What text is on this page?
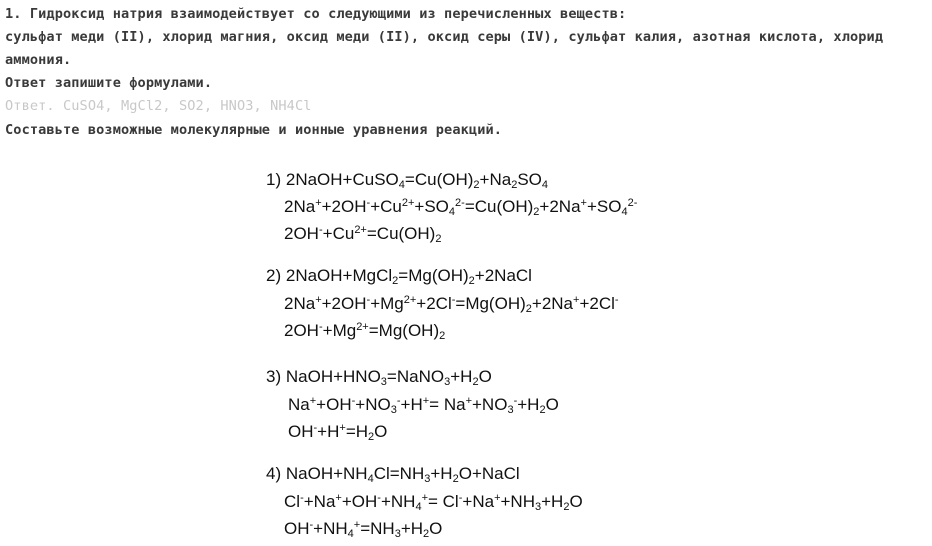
1. Гидроксид натрия взаимодействует со следующими из перечисленных веществ:
сульфат меди (II), хлорид магния, оксид меди (II), оксид серы (IV), сульфат калия, азотная кислота, хлорид
аммония.
Ответ запишите формулами.
Ответ. CuSO4, MgCl2, SO2, HNO3, NH4Cl
Составьте возможные молекулярные и ионные уравнения реакций.
1) $2NaOH+CuSO_4=Cu(OH)_2+Na_2SO_4$
$2Na^++2OH^-+Cu^{2+}+SO_4^{2-}=Cu(OH)_2+2Na^++SO_4^{2-}$
$2OH^-+Cu^{2+}=Cu(OH)_2$
2) $2NaOH+MgCl_2=Mg(OH)_2+2NaCl$
$2Na^++2OH^-+Mg^{2+}+2Cl^-=Mg(OH)_2+2Na^++2Cl^-$
$2OH^-+Mg^{2+}=Mg(OH)_2$
3) $NaOH+HNO_3=NaNO_3+H_2O$
$Na^++OH^-+NO_3^-+H^+= Na^++NO_3^-+H_2O$
$OH^-+H^+=H_2O$
4) $NaOH+NH_4Cl=NH_3+H_2O+NaCl$
$Cl^-+Na^++OH^-+NH_4^+= Cl^-+Na^++NH_3+H_2O$
$OH^-+NH_4^+=NH_3+H_2O$
